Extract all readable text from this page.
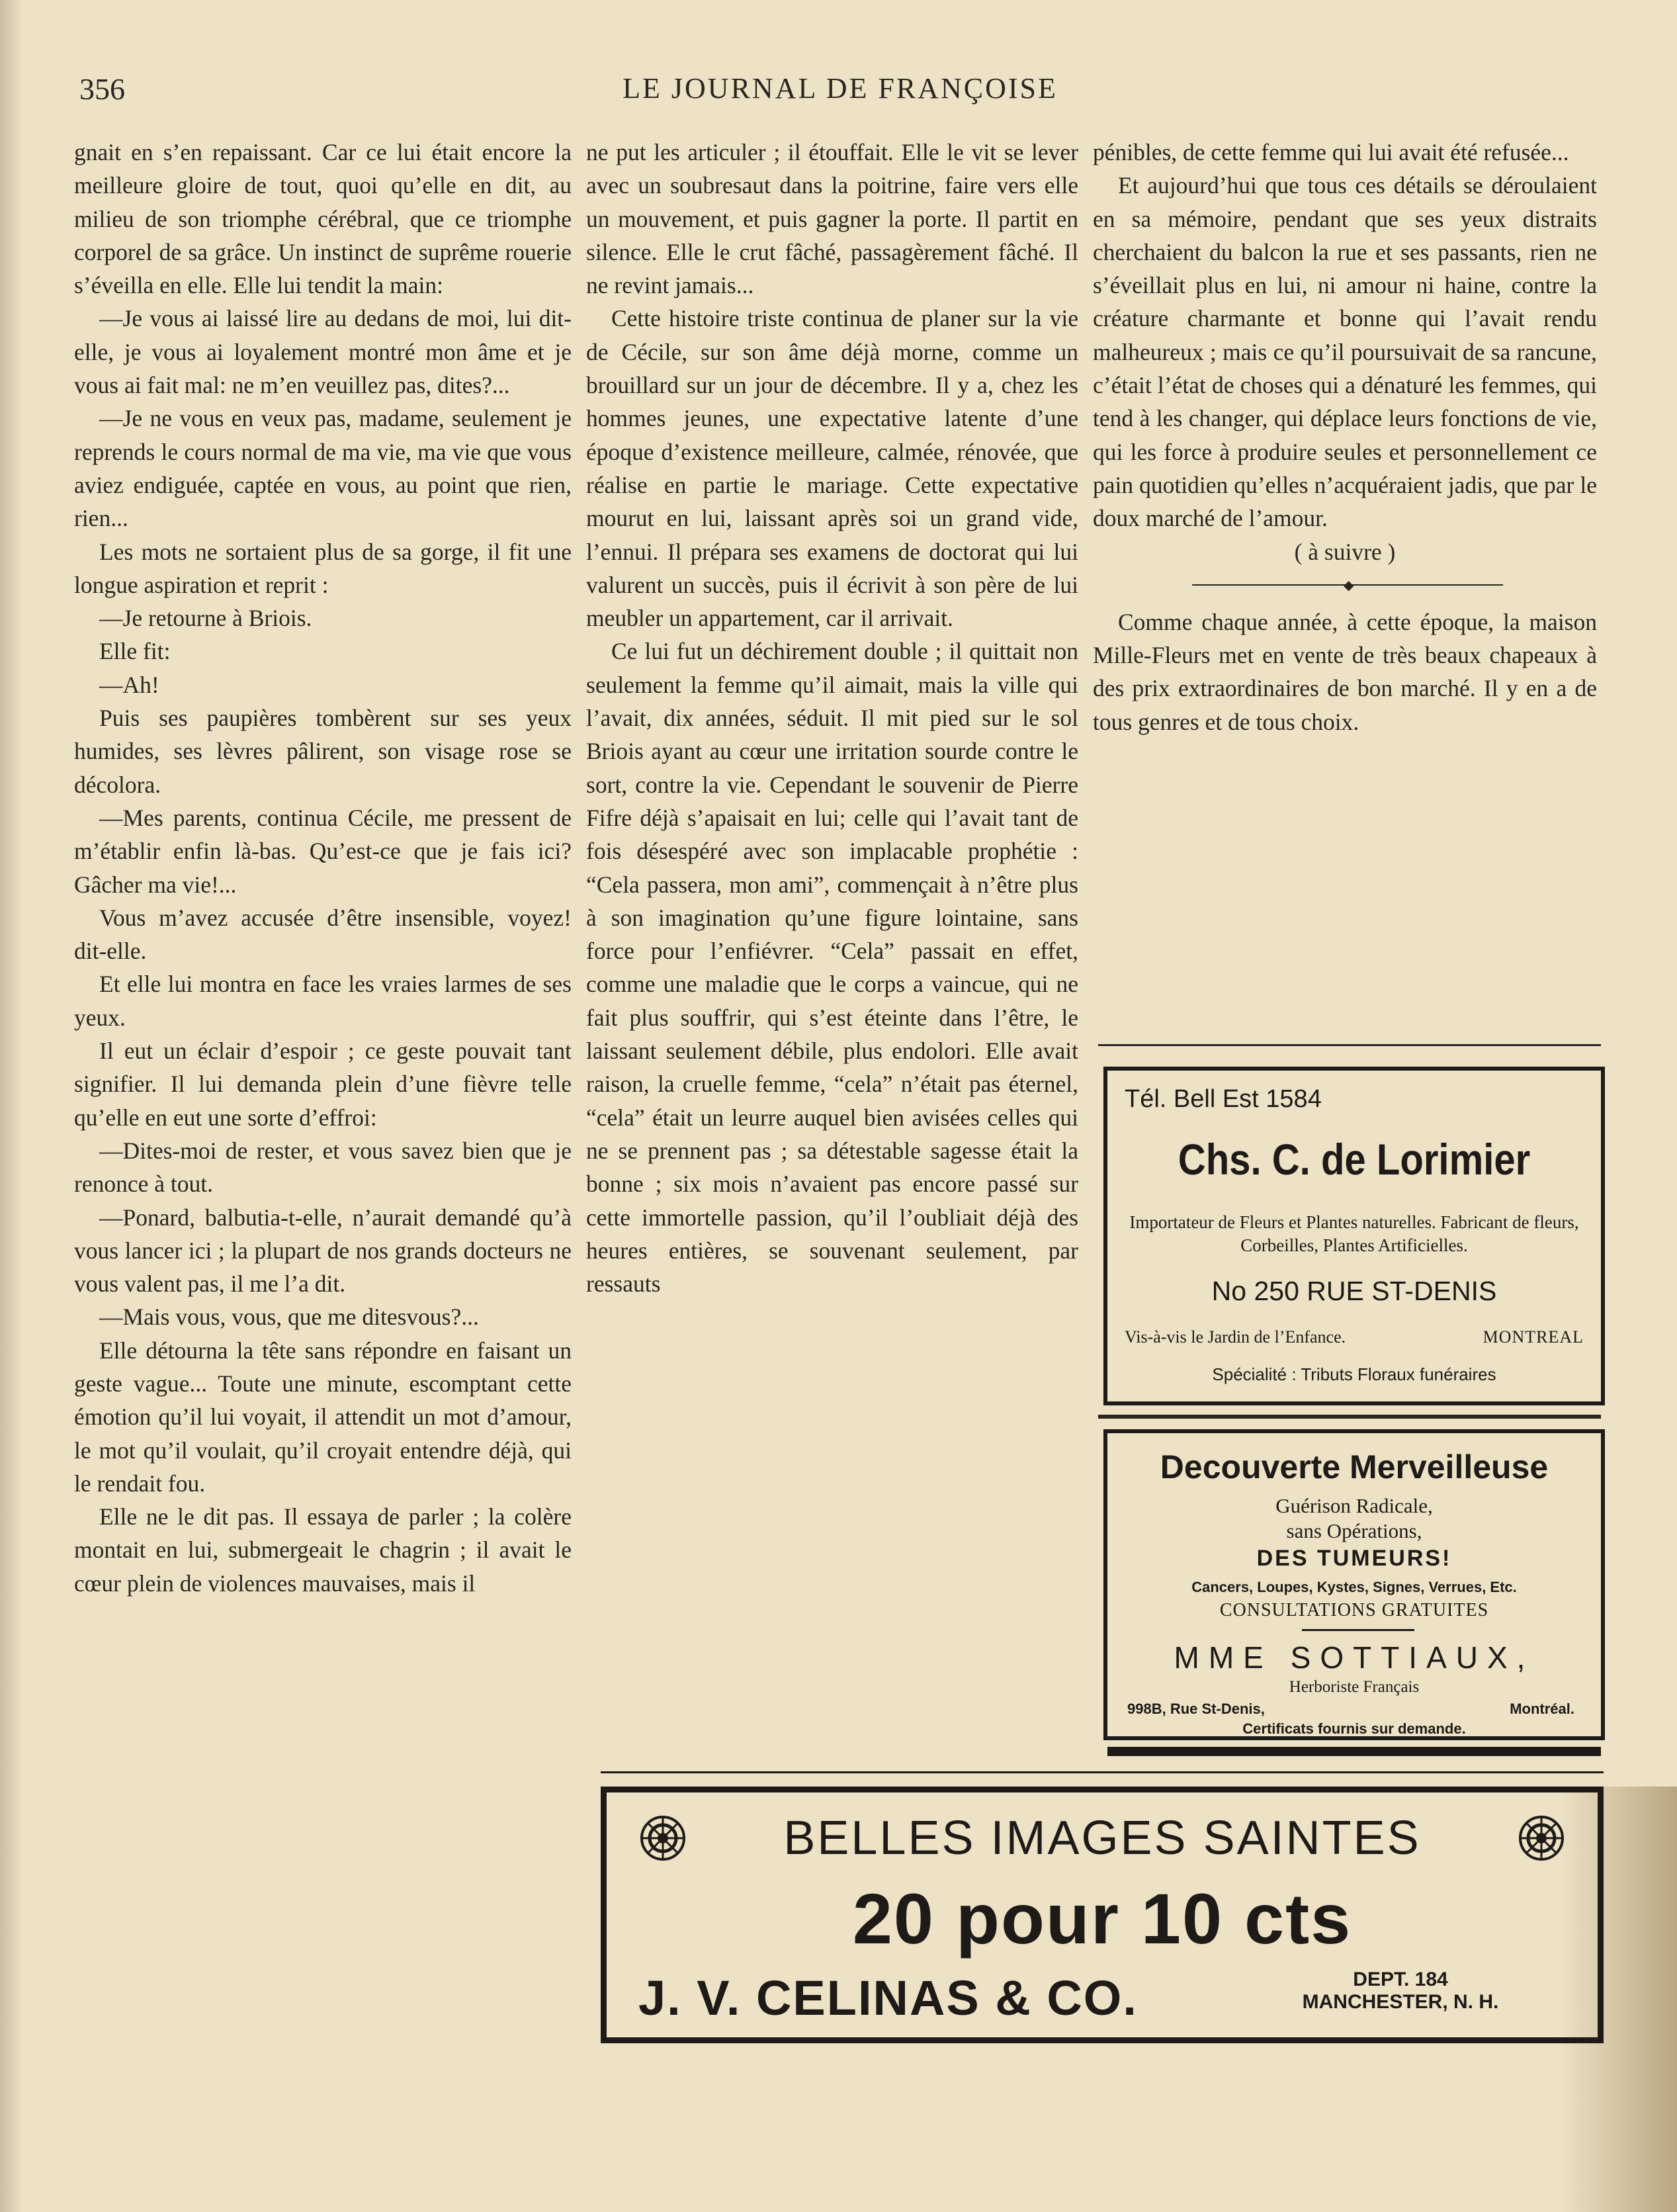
356	LE JOURNAL DE FRANÇOISE

gnait en s’en repaissant. Car ce lui était encore la meilleure gloire de tout, quoi qu’elle en dit, au milieu de son triomphe cérébral, que ce triomphe corporel de sa grâce. Un instinct de suprême rouerie s’éveilla en elle. Elle lui tendit la main:

—Je vous ai laissé lire au dedans de moi, lui dit-elle, je vous ai loyalement montré mon âme et je vous ai fait mal: ne m’en veuillez pas, dites?...

—Je ne vous en veux pas, madame, seulement je reprends le cours normal de ma vie, ma vie que vous aviez endiguée, captée en vous, au point que rien, rien...

Les mots ne sortaient plus de sa gorge, il fit une longue aspiration et reprit :

—Je retourne à Briois.

Elle fit:

—Ah!

Puis ses paupières tombèrent sur ses yeux humides, ses lèvres pâlirent, son visage rose se décolora.

—Mes parents, continua Cécile, me pressent de m’établir enfin là-bas. Qu’est-ce que je fais ici? Gâcher ma vie!...

Vous m’avez accusée d’être insensible, voyez! dit-elle.

Et elle lui montra en face les vraies larmes de ses yeux.

Il eut un éclair d’espoir ; ce geste pouvait tant signifier. Il lui demanda plein d’une fièvre telle qu’elle en eut une sorte d’effroi:

—Dites-moi de rester, et vous savez bien que je renonce à tout.

—Ponard, balbutia-t-elle, n’aurait demandé qu’à vous lancer ici ; la plupart de nos grands docteurs ne vous valent pas, il me l’a dit.

—Mais vous, vous, que me ditesvous?...

Elle détourna la tête sans répondre en faisant un geste vague... Toute une minute, escomptant cette émotion qu’il lui voyait, il attendit un mot d’amour, le mot qu’il voulait, qu’il croyait entendre déjà, qui le rendait fou.

Elle ne le dit pas. Il essaya de parler ; la colère montait en lui, submergeait le chagrin ; il avait le cœur plein de violences mauvaises, mais il

ne put les articuler ; il étouffait. Elle le vit se lever avec un soubresaut dans la poitrine, faire vers elle un mouvement, et puis gagner la porte. Il partit en silence. Elle le crut fâché, passagèrement fâché. Il ne revint jamais...

Cette histoire triste continua de planer sur la vie de Cécile, sur son âme déjà morne, comme un brouillard sur un jour de décembre. Il y a, chez les hommes jeunes, une expectative latente d’une époque d’existence meilleure, calmée, rénovée, que réalise en partie le mariage. Cette expectative mourut en lui, laissant après soi un grand vide, l’ennui. Il prépara ses examens de doctorat qui lui valurent un succès, puis il écrivit à son père de lui meubler un appartement, car il arrivait.

Ce lui fut un déchirement double ; il quittait non seulement la femme qu’il aimait, mais la ville qui l’avait, dix années, séduit. Il mit pied sur le sol Briois ayant au cœur une irritation sourde contre le sort, contre la vie. Cependant le souvenir de Pierre Fifre déjà s’apaisait en lui; celle qui l’avait tant de fois désespéré avec son implacable prophétie : “Cela passera, mon ami”, commençait à n’être plus à son imagination qu’une figure lointaine, sans force pour l’enfiévrer. “Cela” passait en effet, comme une maladie que le corps a vaincue, qui ne fait plus souffrir, qui s’est éteinte dans l’être, le laissant seulement débile, plus endolori. Elle avait raison, la cruelle femme, “cela” n’était pas éternel, “cela” était un leurre auquel bien avisées celles qui ne se prennent pas ; sa détestable sagesse était la bonne ; six mois n’avaient pas encore passé sur cette immortelle passion, qu’il l’oubliait déjà des heures entières, se souvenant seulement, par ressauts

pénibles, de cette femme qui lui avait été refusée...

Et aujourd’hui que tous ces détails se déroulaient en sa mémoire, pendant que ses yeux distraits cherchaient du balcon la rue et ses passants, rien ne s’éveillait plus en lui, ni amour ni haine, contre la créature charmante et bonne qui l’avait rendu malheureux ; mais ce qu’il poursuivait de sa rancune, c’était l’état de choses qui a dénaturé les femmes, qui tend à les changer, qui déplace leurs fonctions de vie, qui les force à produire seules et personnellement ce pain quotidien qu’elles n’acquéraient jadis, que par le doux marché de l’amour.

( à suivre )

◆

Comme chaque année, à cette époque, la maison Mille-Fleurs met en vente de très beaux chapeaux à des prix extraordinaires de bon marché. Il y en a de tous genres et de tous choix.

Tél. Bell Est 1584
Chs. C. de Lorimier
Importateur de Fleurs et Plantes naturelles. Fabricant de fleurs, Corbeilles, Plantes Artificielles.
No 250 RUE ST-DENIS
Vis-à-vis le Jardin de l’Enfance.	MONTREAL
Spécialité : Tributs Floraux funéraires
Decouverte Merveilleuse
Guérison Radicale,
sans Opérations,
DES TUMEURS!
Cancers, Loupes, Kystes, Signes, Verrues, Etc.
CONSULTATIONS GRATUITES
MME SOTTIAUX,
Herboriste Français
998B, Rue St-Denis,	Montréal.
Certificats fournis sur demande.
BELLES IMAGES SAINTES
20 pour 10 cts
J. V. CELINAS & CO.	DEPT. 184
MANCHESTER, N. H.
